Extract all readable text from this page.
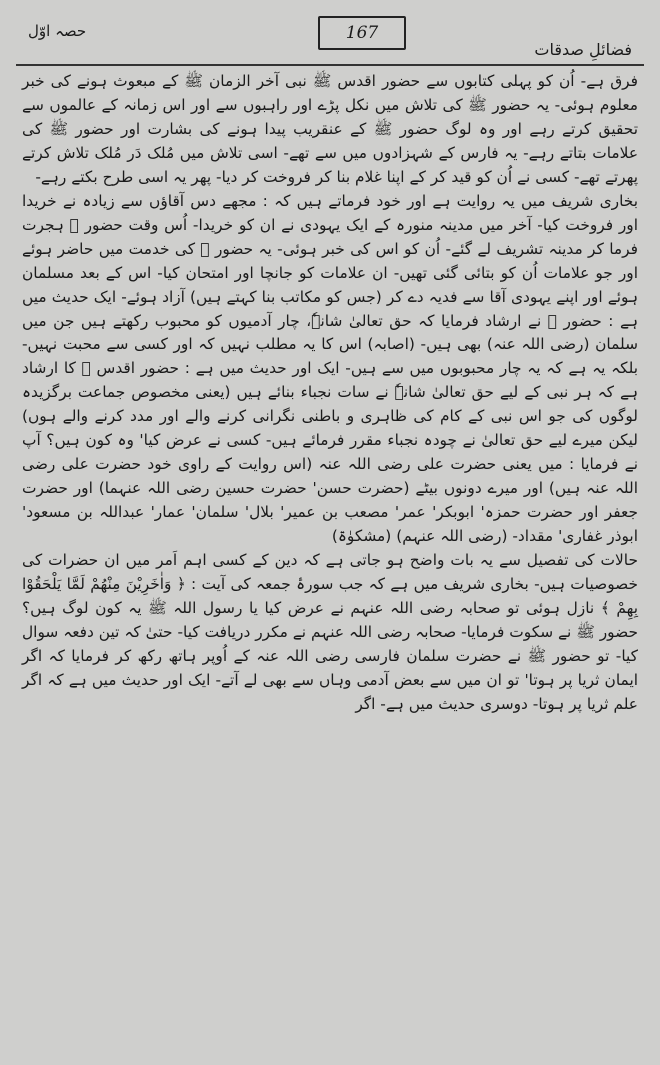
حصہ اوّل	167
فضائلِ صدقات

فرق ہے- اُن کو پہلی کتابوں سے حضور اقدس ﷺ نبی آخر الزمان ﷺ کے مبعوث ہونے کی خبر معلوم ہوئی- یہ حضور ﷺ کی تلاش میں نکل پڑے اور راہبوں سے اور اس زمانہ کے عالموں سے تحقیق کرتے رہے اور وہ لوگ حضور ﷺ کے عنقریب پیدا ہونے کی بشارت اور حضور ﷺ کی علامات بتاتے رہے- یہ فارس کے شہزادوں میں سے تھے- اسی تلاش میں مُلک دَر مُلک تلاش کرتے پھرتے تھے- کسی نے اُن کو قید کر کے اپنا غلام بنا کر فروخت کر دیا- پھر یہ اسی طرح بکتے رہے-

بخاری شریف میں یہ روایت ہے اور خود فرماتے ہیں کہ : مجھے دس آقاؤں سے زیادہ نے خریدا اور فروخت کیا- آخر میں مدینہ منورہ کے ایک یہودی نے ان کو خریدا- اُس وقت حضور ﷺ ہجرت فرما کر مدینہ تشریف لے گئے- اُن کو اس کی خبر ہوئی- یہ حضور ﷺ کی خدمت میں حاضر ہوئے اور جو علامات اُن کو بتائی گئی تھیں- ان علامات کو جانچا اور امتحان کیا- اس کے بعد مسلمان ہوئے اور اپنے یہودی آقا سے فدیہ دے کر (جس کو مکاتب بنا کہتے ہیں) آزاد ہوئے- ایک حدیث میں ہے : حضور ﷺ نے ارشاد فرمایا کہ حق تعالیٰ شانہٗ، چار آدمیوں کو محبوب رکھتے ہیں جن میں سلمان (رضی اللہ عنہ) بھی ہیں- (اصابہ) اس کا یہ مطلب نہیں کہ اور کسی سے محبت نہیں- بلکہ یہ ہے کہ یہ چار محبوبوں میں سے ہیں- ایک اور حدیث میں ہے : حضور اقدس ﷺ کا ارشاد ہے کہ ہر نبی کے لیے حق تعالیٰ شانہٗ نے سات نجباء بنائے ہیں (یعنی مخصوص جماعت برگزیدہ لوگوں کی جو اس نبی کے کام کی ظاہری و باطنی نگرانی کرنے والے اور مدد کرنے والے ہوں) لیکن میرے لیے حق تعالیٰ نے چودہ نجباء مقرر فرمائے ہیں- کسی نے عرض کیا' وہ کون ہیں؟ آپ نے فرمایا : میں یعنی حضرت علی رضی اللہ عنہ (اس روایت کے راوی خود حضرت علی رضی اللہ عنہ ہیں) اور میرے دونوں بیٹے (حضرت حسن' حضرت حسین رضی اللہ عنہما) اور حضرت جعفر اور حضرت حمزہ' ابوبکر' عمر' مصعب بن عمیر' بلال' سلمان' عمار' عبداللہ بن مسعود' ابوذر غفاری' مقداد- (رضی اللہ عنہم) (مشکوٰۃ)

حالات کی تفصیل سے یہ بات واضح ہو جاتی ہے کہ دین کے کسی اہم اَمر میں ان حضرات کی خصوصیات ہیں- بخاری شریف میں ہے کہ جب سورۂ جمعہ کی آیت : ﴿ وَاٰخَرِيْنَ مِنْهُمْ لَمَّا يَلْحَقُوْا بِهِمْ ﴾ نازل ہوئی تو صحابہ رضی اللہ عنہم نے عرض کیا یا رسول اللہ ﷺ یہ کون لوگ ہیں؟ حضور ﷺ نے سکوت فرمایا- صحابہ رضی اللہ عنہم نے مکرر دریافت کیا- حتیٰ کہ تین دفعہ سوال کیا- تو حضور ﷺ نے حضرت سلمان فارسی رضی اللہ عنہ کے اُوپر ہاتھ رکھ کر فرمایا کہ اگر ایمان ثریا پر ہوتا' تو ان میں سے بعض آدمی وہاں سے بھی لے آتے- ایک اور حدیث میں ہے کہ اگر علم ثریا پر ہوتا- دوسری حدیث میں ہے- اگر
